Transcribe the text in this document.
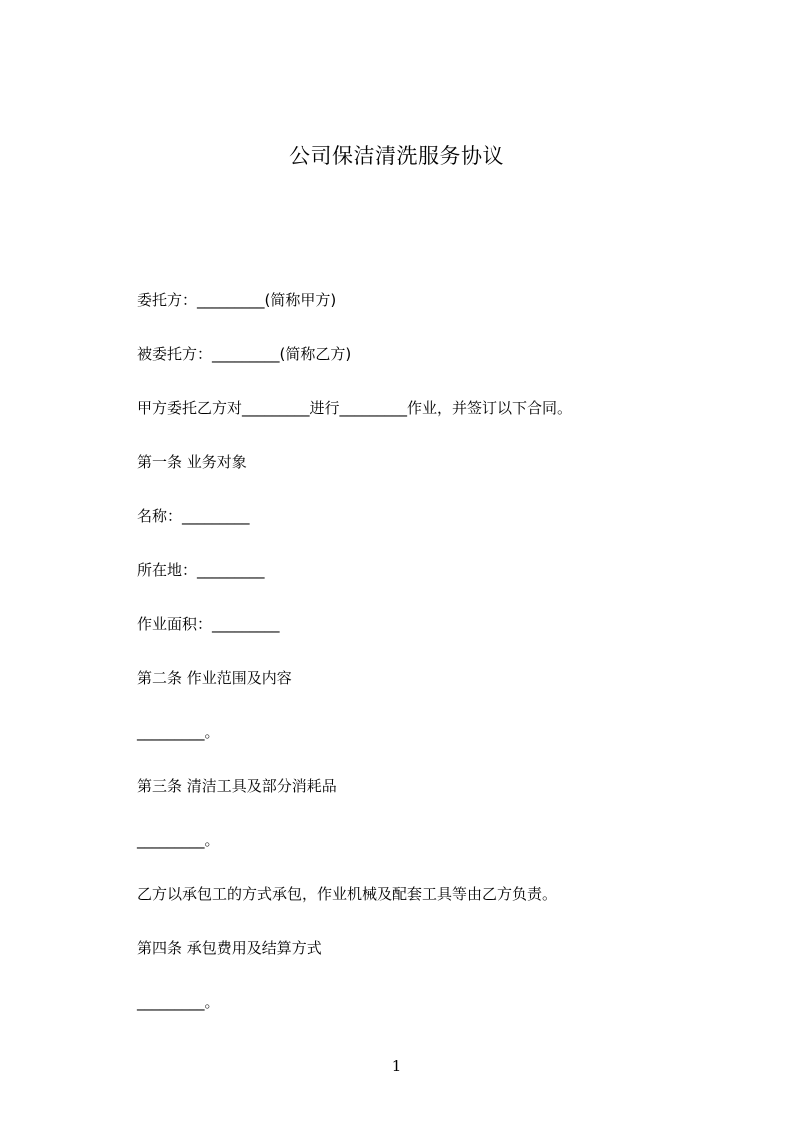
公司保洁清洗服务协议
委托方：_________(简称甲方)
被委托方：_________(简称乙方)
甲方委托乙方对_________进行_________作业，并签订以下合同。
第一条 业务对象
名称：_________
所在地：_________
作业面积：_________
第二条 作业范围及内容
_________。
第三条 清洁工具及部分消耗品
_________。
乙方以承包工的方式承包，作业机械及配套工具等由乙方负责。
第四条 承包费用及结算方式
_________。
1
